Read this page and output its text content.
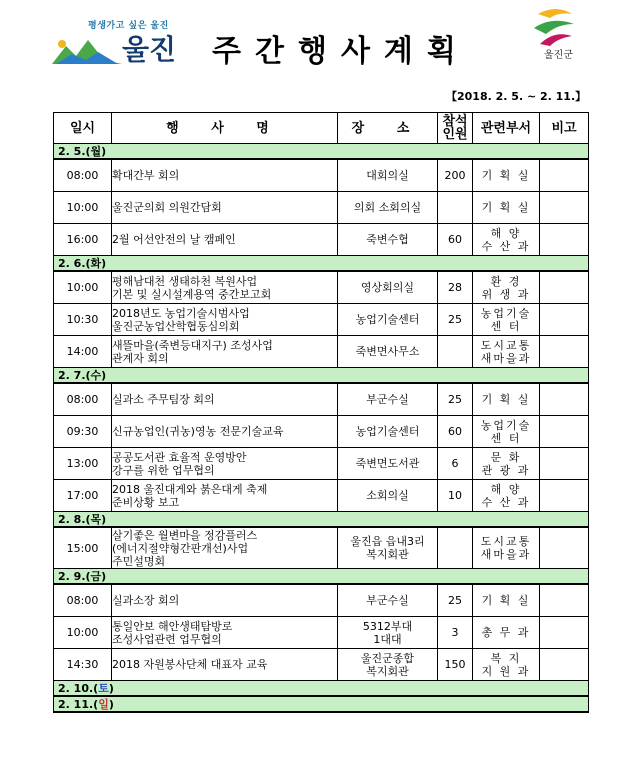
평생가고 싶은 울진
울진 주간행사계획	울진군
【2018. 2. 5. ~ 2. 11.】
일시	행 사 명	장 소	참석
인원	관련부서	비고
2. 5.(월)					
08:00	확대간부 회의	대회의실	200	기 획 실	
10:00	울진군의회 의원간담회	의회 소회의실		기 획 실	
16:00	2월 어선안전의 날 캠페인	죽변수협	60	해 양
수 산 과	
2. 6.(화)					
10:00	평해남대천 생태하천 복원사업
기본 및 실시설계용역 중간보고회	영상회의실	28	환 경
위 생 과	
10:30	2018년도 농업기술시범사업
울진군농업산학협동심의회	농업기술센터	25	농업기술
센 터	
14:00	새뜰마을(죽변등대지구) 조성사업
관계자 회의	죽변면사무소		도시교통
새마을과	
2. 7.(수)					
08:00	실과소 주무팀장 회의	부군수실	25	기 획 실	
09:30	신규농업인(귀농)영농 전문기술교육	농업기술센터	60	농업기술
센 터	
13:00	공공도서관 효율적 운영방안
강구를 위한 업무협의	죽변면도서관	6	문 화
관 광 과	
17:00	2018 울진대게와 붉은대게 축제
준비상황 보고	소회의실	10	해 양
수 산 과	
2. 8.(목)					
15:00	살기좋은 월변마을 정감플러스
(에너지절약형간판개선)사업
주민설명회	울진읍 읍내3리
복지회관		도시교통
새마을과	
2. 9.(금)					
08:00	실과소장 회의	부군수실	25	기 획 실	
10:00	통일안보 해안생태탐방로
조성사업관련 업무협의	5312부대
1대대	3	총 무 과	
14:30	2018 자원봉사단체 대표자 교육	울진군종합
복지회관	150	복 지
지 원 과	
2. 10.(토)					
2. 11.(일)					
